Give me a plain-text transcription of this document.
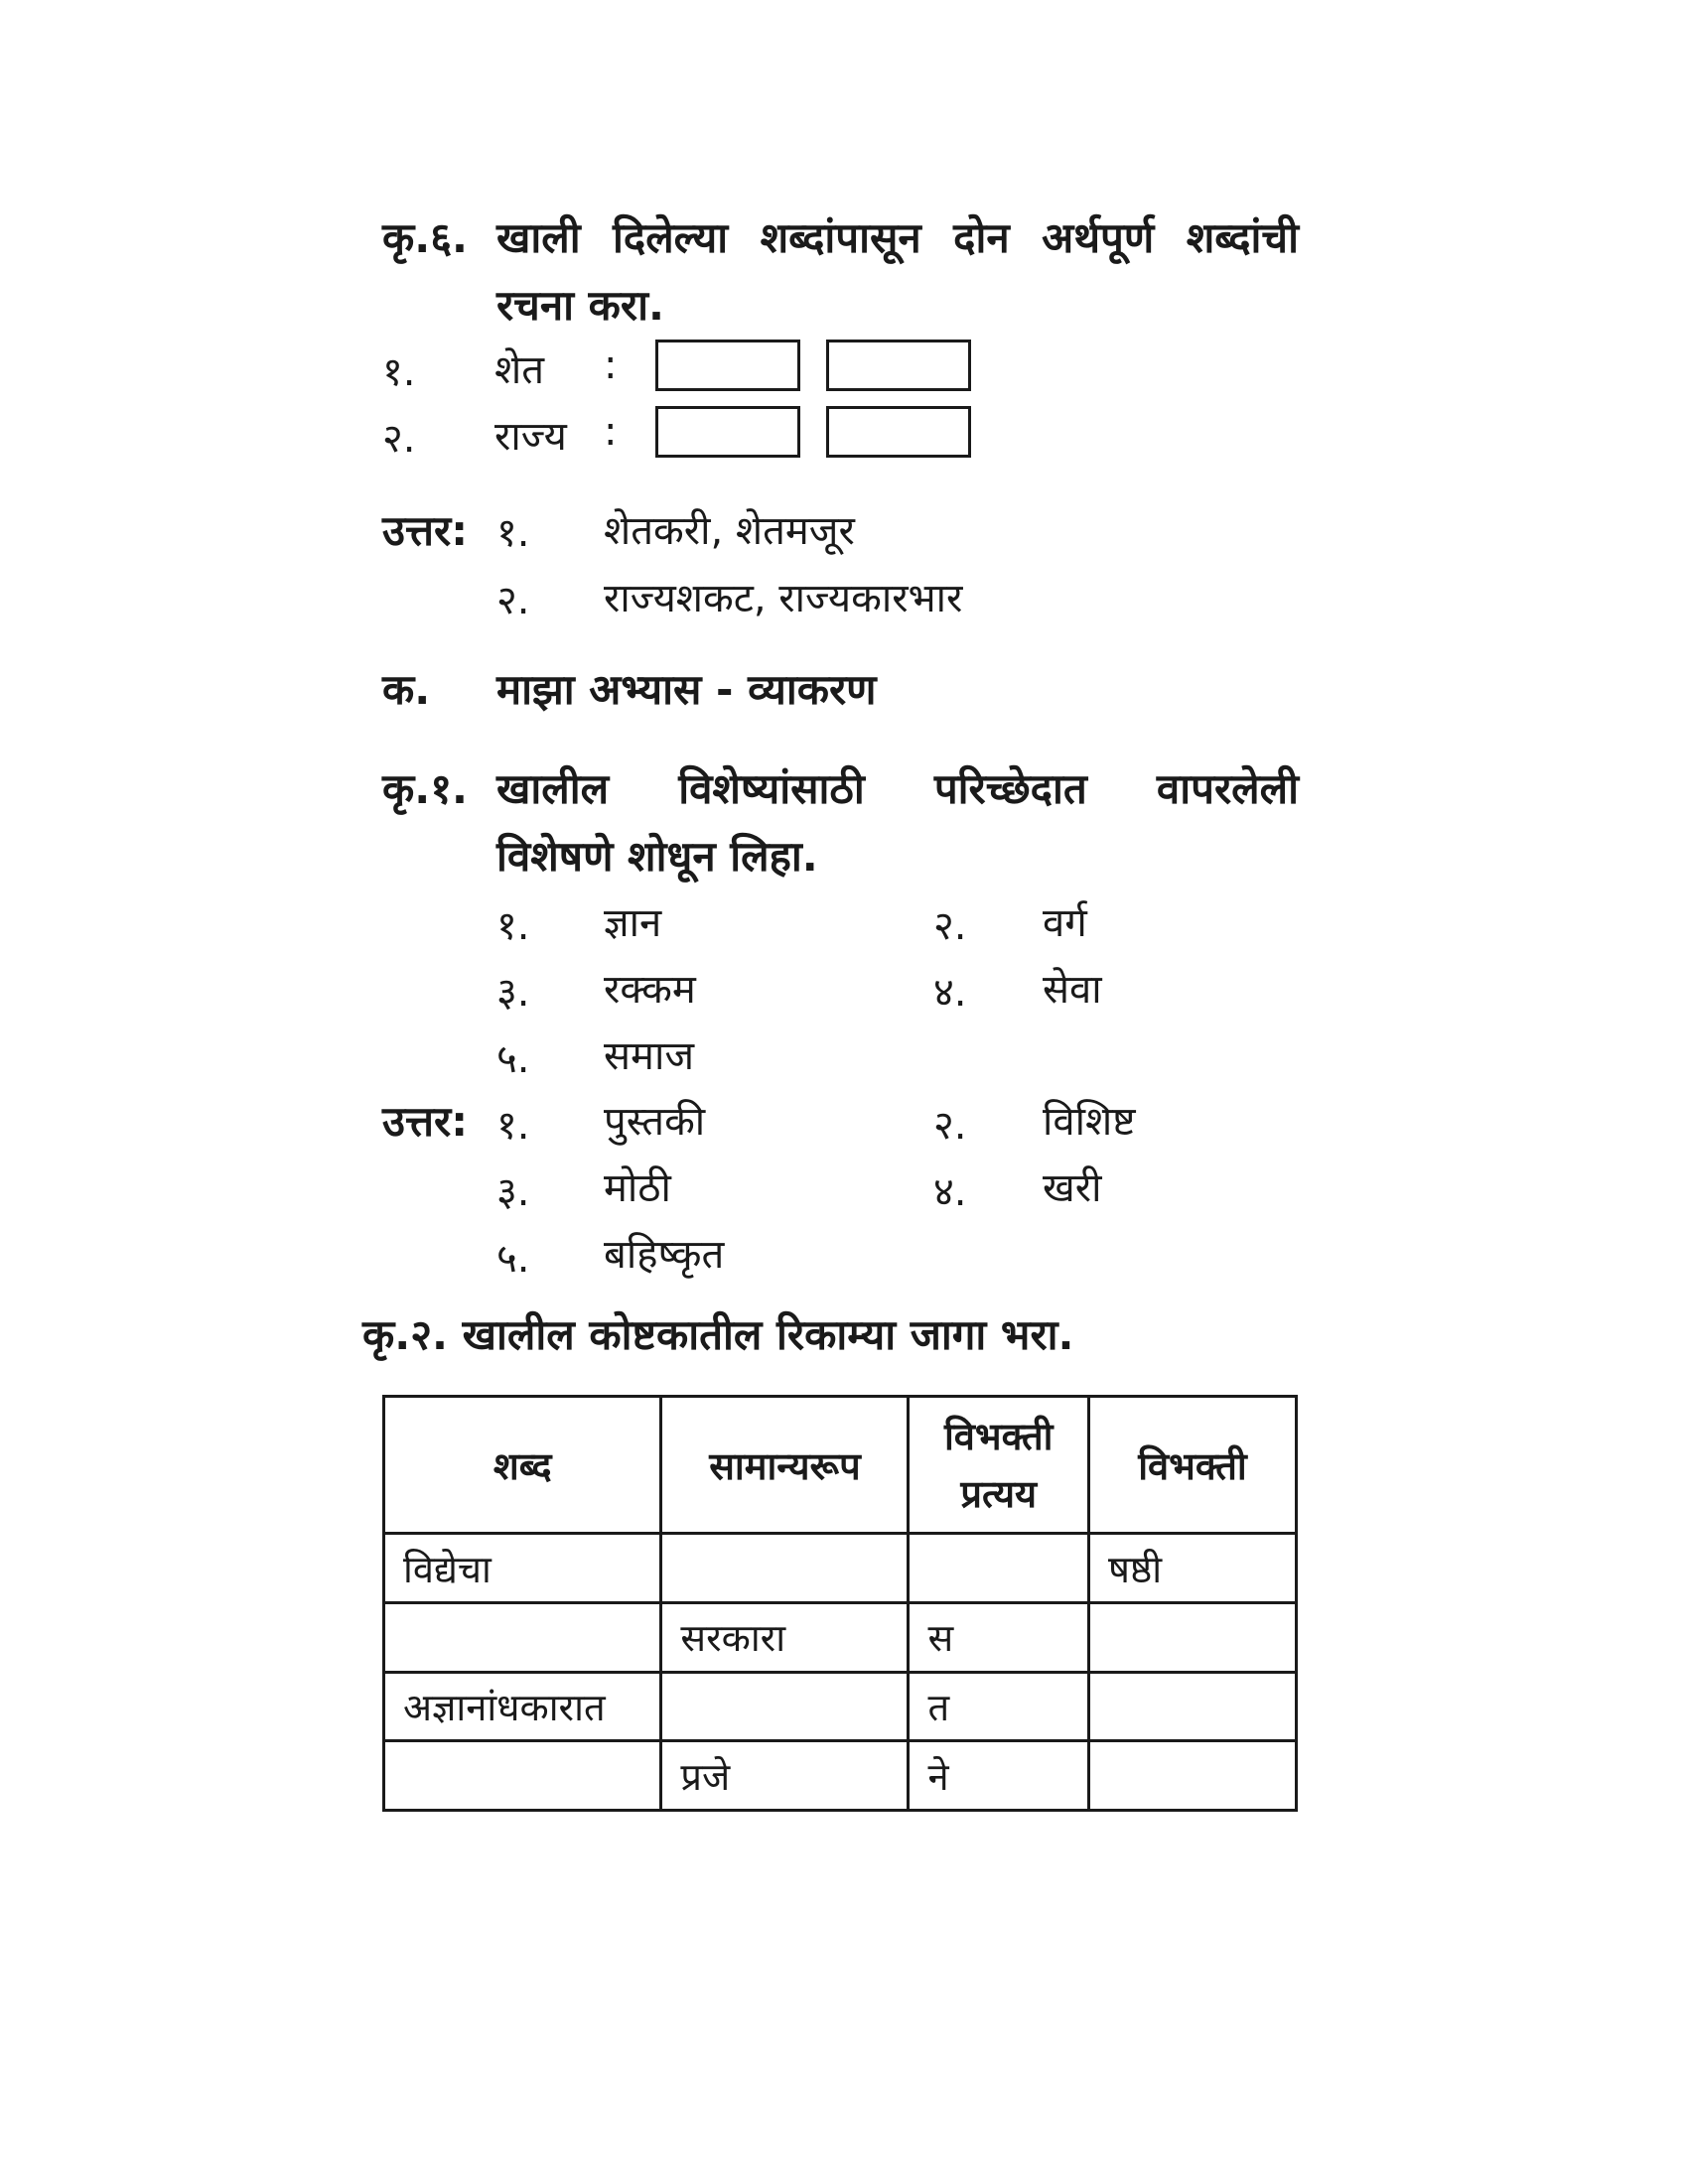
कृ.६. खाली दिलेल्या शब्दांपासून दोन अर्थपूर्ण शब्दांची
रचना करा.
१. शेत :
२. राज्य :
उत्तर: १. शेतकरी, शेतमजूर
२. राज्यशकट, राज्यकारभार
क. माझा अभ्यास - व्याकरण
कृ.१. खालील विशेष्यांसाठी परिच्छेदात वापरलेली
विशेषणे शोधून लिहा.
१. ज्ञान	२. वर्ग
३. रक्कम	४. सेवा
५. समाज
उत्तर: १. पुस्तकी	२. विशिष्ट
३. मोठी	४. खरी
५. बहिष्कृत
कृ.२. खालील कोष्टकातील रिकाम्या जागा भरा.
शब्द	सामान्यरूप	विभक्ती प्रत्यय	विभक्ती
विद्येचा			षष्ठी
	सरकारा	स	
अज्ञानांधकारात		त	
	प्रजे	ने	
